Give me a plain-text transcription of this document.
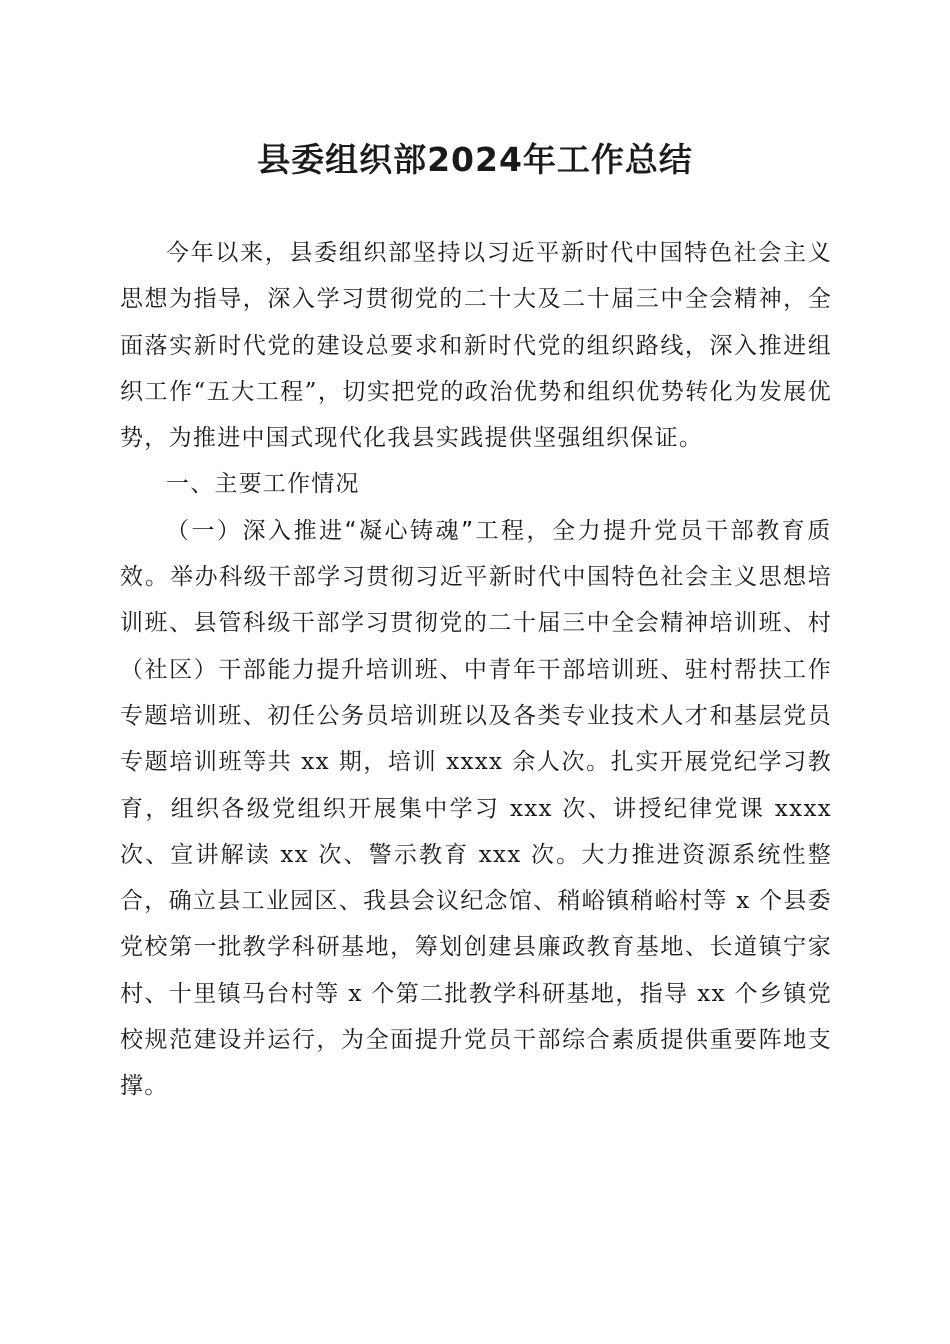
县委组织部2024年工作总结

今年以来，县委组织部坚持以习近平新时代中国特色社会主义思想为指导，深入学习贯彻党的二十大及二十届三中全会精神，全面落实新时代党的建设总要求和新时代党的组织路线，深入推进组织工作“五大工程”，切实把党的政治优势和组织优势转化为发展优势，为推进中国式现代化我县实践提供坚强组织保证。

一、主要工作情况

（一）深入推进“凝心铸魂”工程，全力提升党员干部教育质效。举办科级干部学习贯彻习近平新时代中国特色社会主义思想培训班、县管科级干部学习贯彻党的二十届三中全会精神培训班、村（社区）干部能力提升培训班、中青年干部培训班、驻村帮扶工作专题培训班、初任公务员培训班以及各类专业技术人才和基层党员专题培训班等共 xx 期，培训 xxxx 余人次。扎实开展党纪学习教育，组织各级党组织开展集中学习 xxx 次、讲授纪律党课 xxxx 次、宣讲解读 xx 次、警示教育 xxx 次。大力推进资源系统性整合，确立县工业园区、我县会议纪念馆、稍峪镇稍峪村等 x 个县委党校第一批教学科研基地，筹划创建县廉政教育基地、长道镇宁家村、十里镇马台村等 x 个第二批教学科研基地，指导 xx 个乡镇党校规范建设并运行，为全面提升党员干部综合素质提供重要阵地支撑。
